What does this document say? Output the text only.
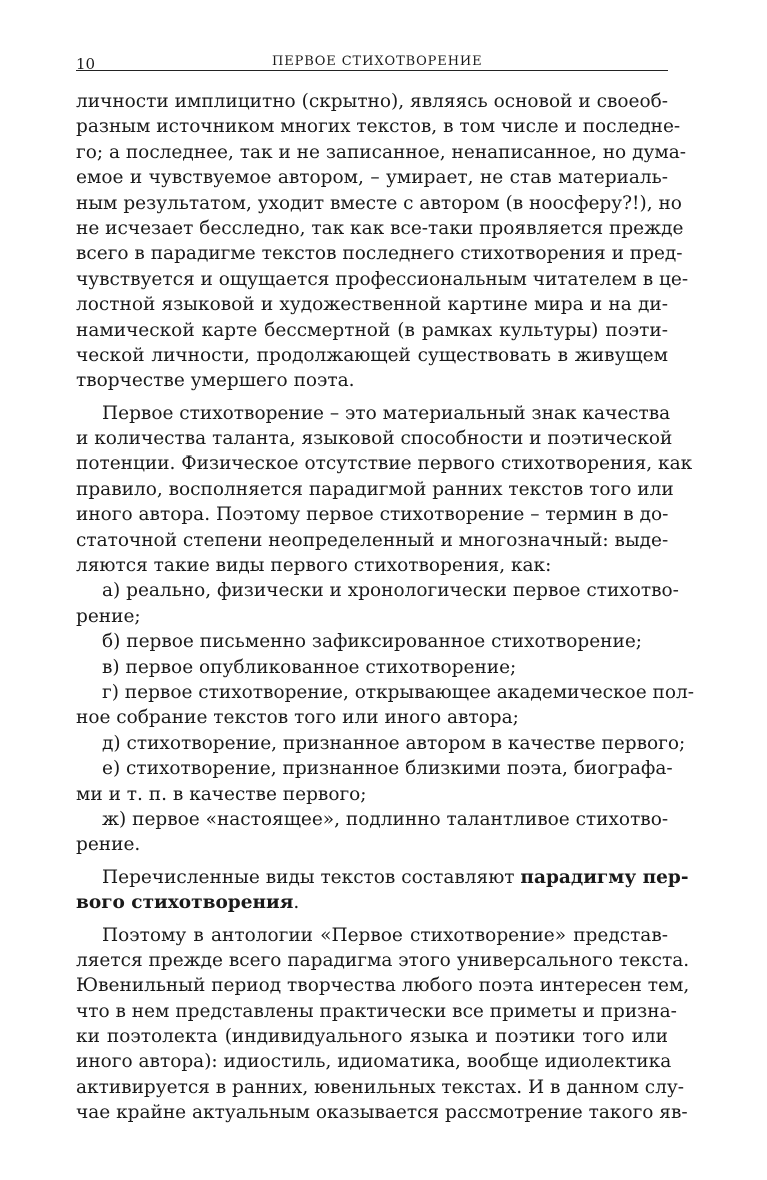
10	ПЕРВОЕ СТИХОТВОРЕНИЕ
личности имплицитно (скрытно), являясь основой и своеоб-
разным источником многих текстов, в том числе и последне-
го; а последнее, так и не записанное, ненаписанное, но дума-
емое и чувствуемое автором, – умирает, не став материаль-
ным результатом, уходит вместе с автором (в ноосферу?!), но
не исчезает бесследно, так как все-таки проявляется прежде
всего в парадигме текстов последнего стихотворения и пред-
чувствуется и ощущается профессиональным читателем в це-
лостной языковой и художественной картине мира и на ди-
намической карте бессмертной (в рамках культуры) поэти-
ческой личности, продолжающей существовать в живущем
творчестве умершего поэта.
Первое стихотворение – это материальный знак качества
и количества таланта, языковой способности и поэтической
потенции. Физическое отсутствие первого стихотворения, как
правило, восполняется парадигмой ранних текстов того или
иного автора. Поэтому первое стихотворение – термин в до-
статочной степени неопределенный и многозначный: выде-
ляются такие виды первого стихотворения, как:
а) реально, физически и хронологически первое стихотво-
рение;
б) первое письменно зафиксированное стихотворение;
в) первое опубликованное стихотворение;
г) первое стихотворение, открывающее академическое пол-
ное собрание текстов того или иного автора;
д) стихотворение, признанное автором в качестве первого;
е) стихотворение, признанное близкими поэта, биографа-
ми и т. п. в качестве первого;
ж) первое «настоящее», подлинно талантливое стихотво-
рение.
Перечисленные виды текстов составляют парадигму пер-
вого стихотворения.
Поэтому в антологии «Первое стихотворение» представ-
ляется прежде всего парадигма этого универсального текста.
Ювенильный период творчества любого поэта интересен тем,
что в нем представлены практически все приметы и призна-
ки поэтолекта (индивидуального языка и поэтики того или
иного автора): идиостиль, идиоматика, вообще идиолектика
активируется в ранних, ювенильных текстах. И в данном слу-
чае крайне актуальным оказывается рассмотрение такого яв-
